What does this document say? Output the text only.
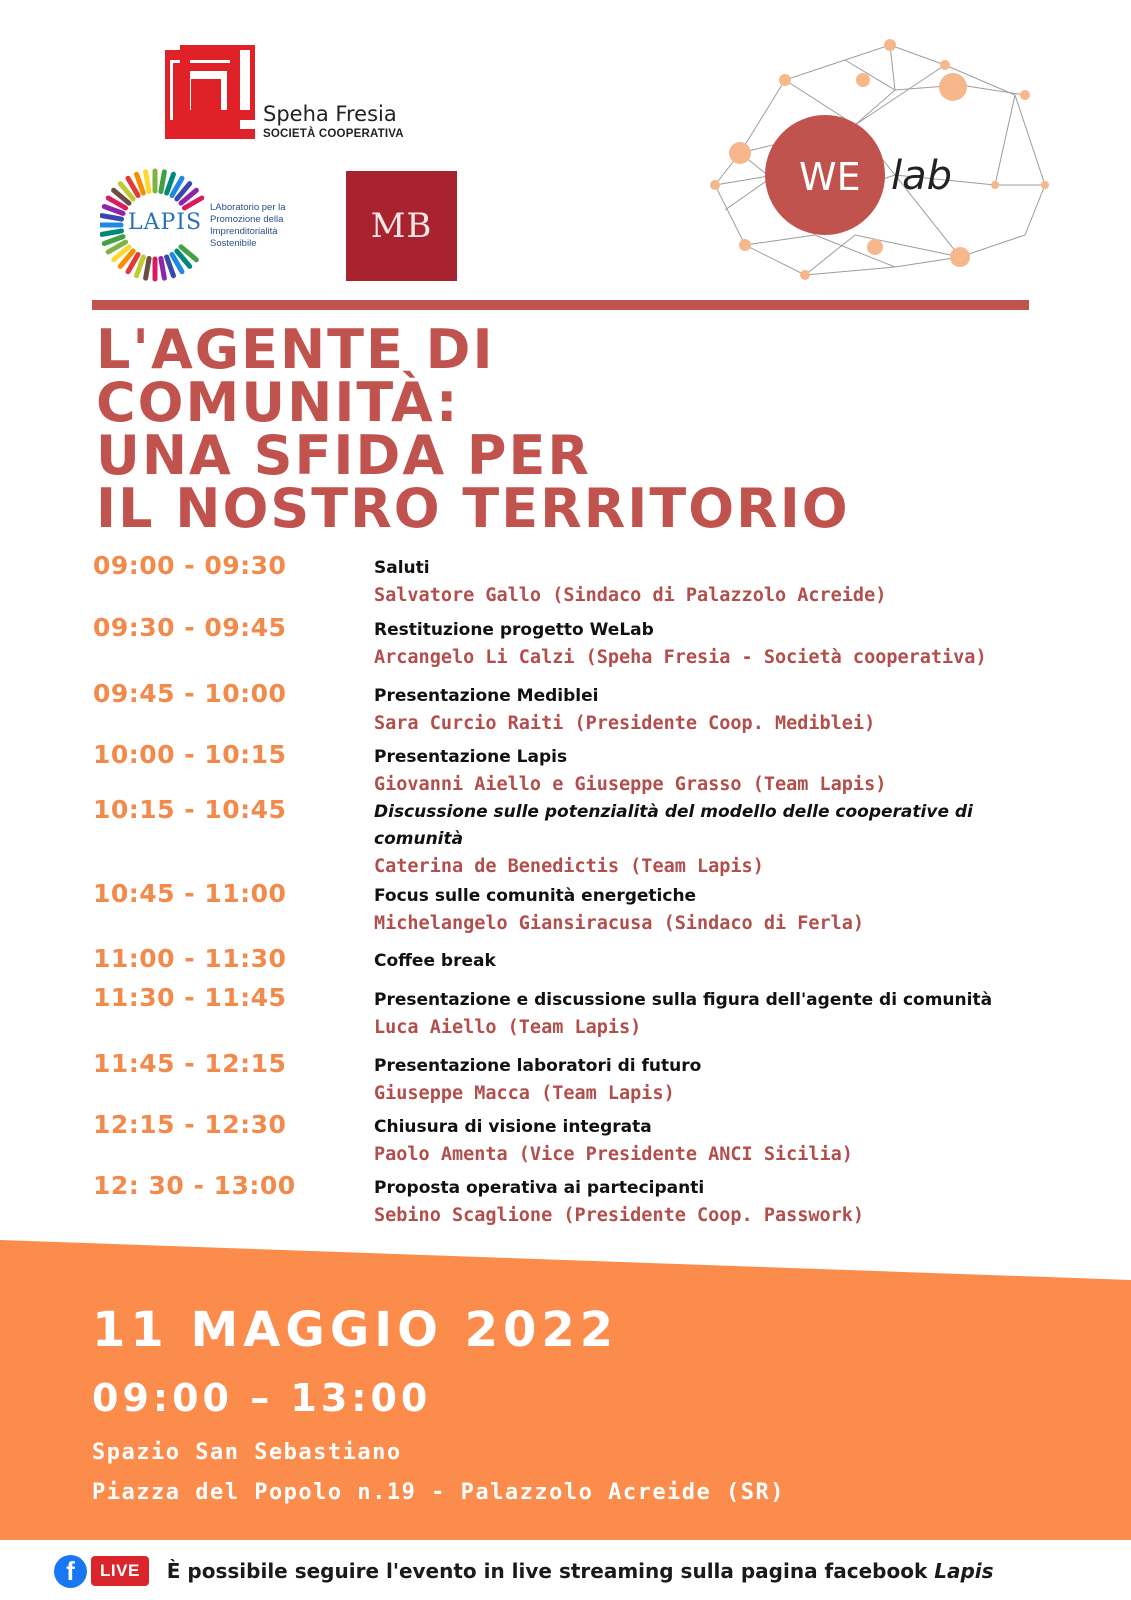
Speha Fresia
SOCIETÀ COOPERATIVA
LAPIS
LAboratorio per la Promozione della Imprenditorialità Sostenibile	MB
WE lab
L'AGENTE DI
COMUNITÀ:
UNA SFIDA PER
IL NOSTRO TERRITORIO
09:00 - 09:30	Saluti
Salvatore Gallo (Sindaco di Palazzolo Acreide)
09:30 - 09:45	Restituzione progetto WeLab
Arcangelo Li Calzi (Speha Fresia - Società cooperativa)
09:45 - 10:00	Presentazione Mediblei
Sara Curcio Raiti (Presidente Coop. Mediblei)
10:00 - 10:15	Presentazione Lapis
Giovanni Aiello e Giuseppe Grasso (Team Lapis)
10:15 - 10:45	Discussione sulle potenzialità del modello delle cooperative di comunità
Caterina de Benedictis (Team Lapis)
10:45 - 11:00	Focus sulle comunità energetiche
Michelangelo Giansiracusa (Sindaco di Ferla)
11:00 - 11:30	Coffee break
11:30 - 11:45	Presentazione e discussione sulla figura dell'agente di comunità
Luca Aiello (Team Lapis)
11:45 - 12:15	Presentazione laboratori di futuro
Giuseppe Macca (Team Lapis)
12:15 - 12:30	Chiusura di visione integrata
Paolo Amenta (Vice Presidente ANCI Sicilia)
12: 30 - 13:00	Proposta operativa ai partecipanti
Sebino Scaglione (Presidente Coop. Passwork)
11 MAGGIO 2022
09:00 – 13:00
Spazio San Sebastiano
Piazza del Popolo n.19 - Palazzolo Acreide (SR)
f	LIVE	È possibile seguire l'evento in live streaming sulla pagina facebook Lapis
